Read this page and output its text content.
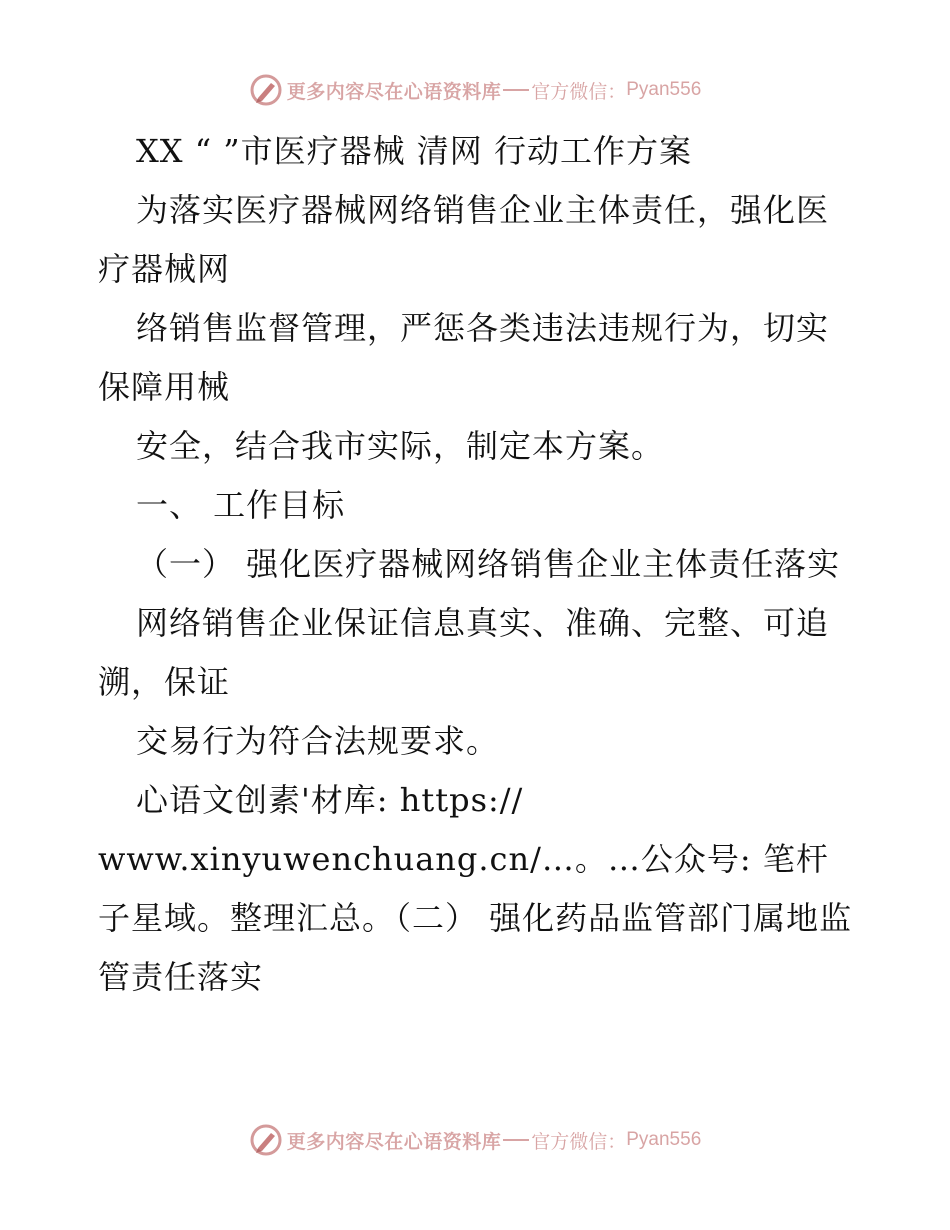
更多内容尽在心语资料库 官方微信： Pyan556

XX “ ”市医疗器械 清网 行动工作方案

为落实医疗器械网络销售企业主体责任，强化医疗器械网

络销售监督管理，严惩各类违法违规行为，切实保障用械

安全，结合我市实际，制定本方案。

一、 工作目标

（一） 强化医疗器械网络销售企业主体责任落实

网络销售企业保证信息真实、准确、完整、可追溯，保证

交易行为符合法规要求。

心语文创素'材库: https://

www.xinyuwenchuang.cn/…。…公众号: 笔杆子星域。整理汇总。（二） 强化药品监管部门属地监管责任落实

更多内容尽在心语资料库 官方微信： Pyan556
